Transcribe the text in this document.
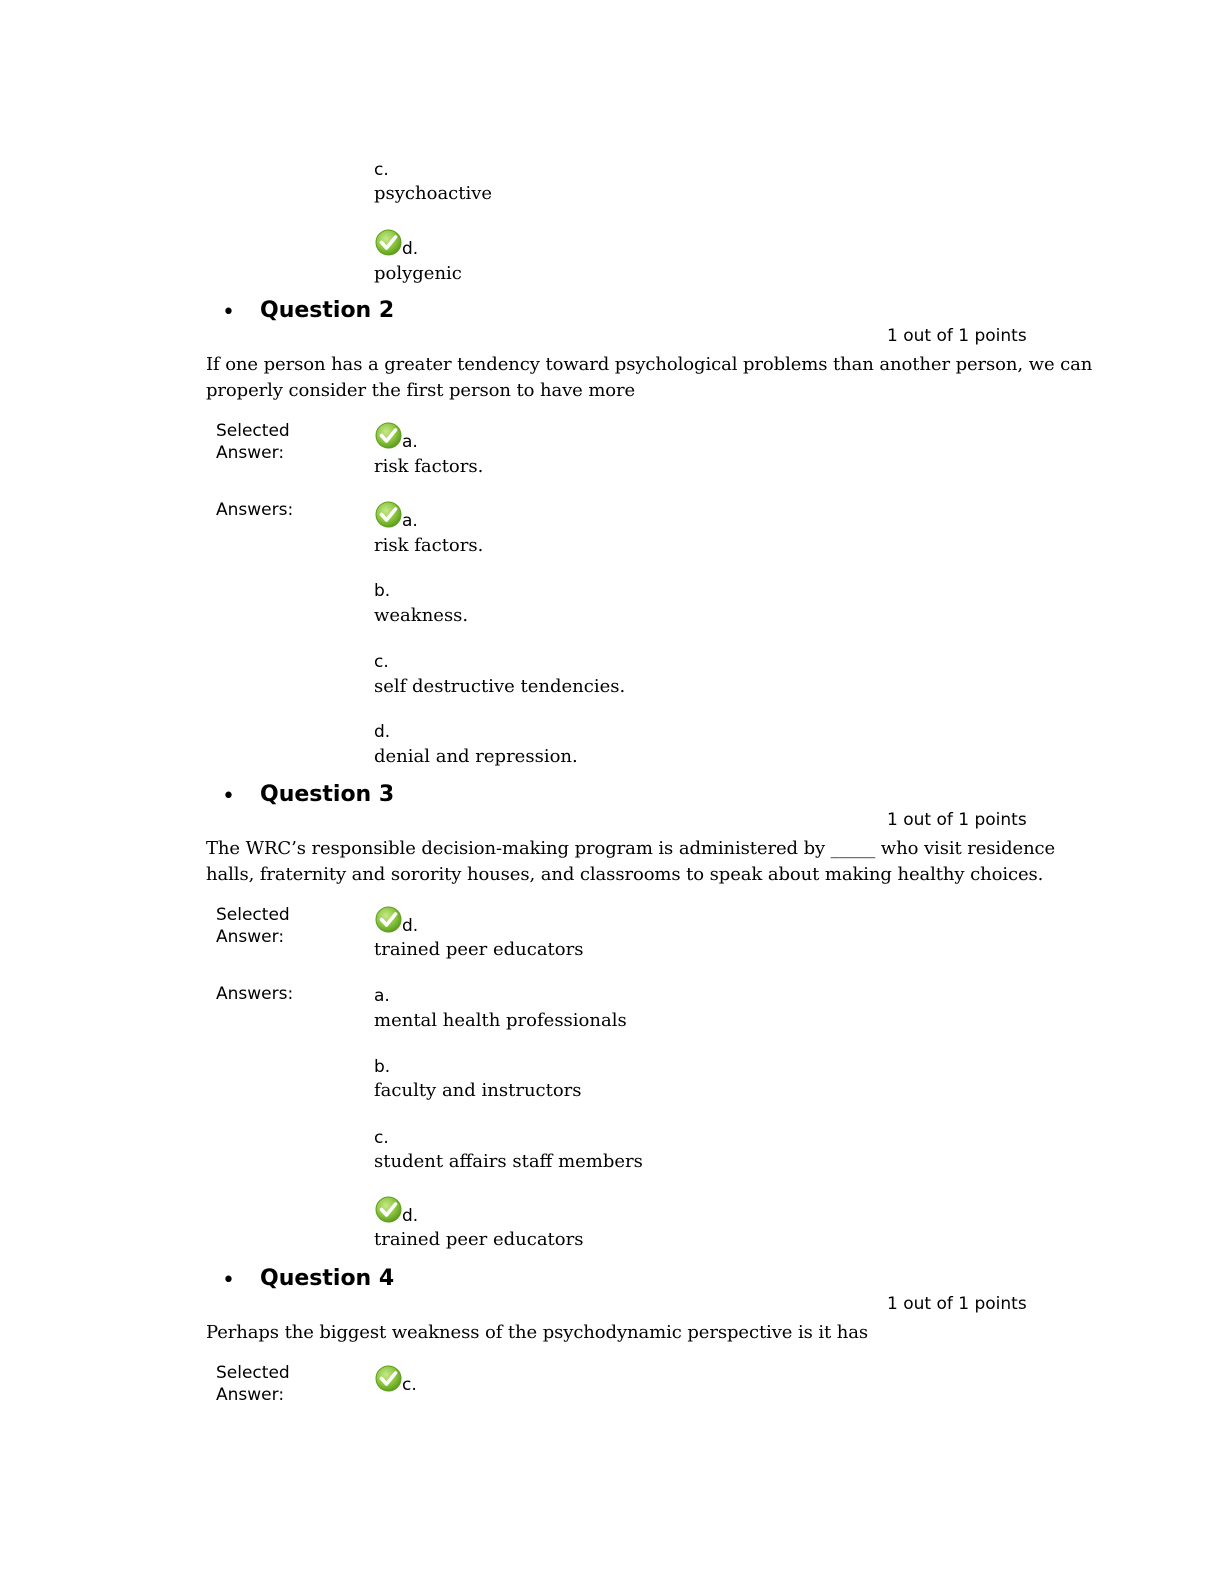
c.
psychoactive
d.
polygenic
• Question 2
1 out of 1 points
If one person has a greater tendency toward psychological problems than another person, we can properly consider the first person to have more
Selected
Answer:
a.
risk factors.
Answers:
a.
risk factors.
b.
weakness.
c.
self destructive tendencies.
d.
denial and repression.
• Question 3
1 out of 1 points
The WRC’s responsible decision-making program is administered by _____ who visit residence halls, fraternity and sorority houses, and classrooms to speak about making healthy choices.
Selected
Answer:
d.
trained peer educators
Answers:	a.
mental health professionals
b.
faculty and instructors
c.
student affairs staff members
d.
trained peer educators
• Question 4
1 out of 1 points
Perhaps the biggest weakness of the psychodynamic perspective is it has
Selected
Answer:	c.
